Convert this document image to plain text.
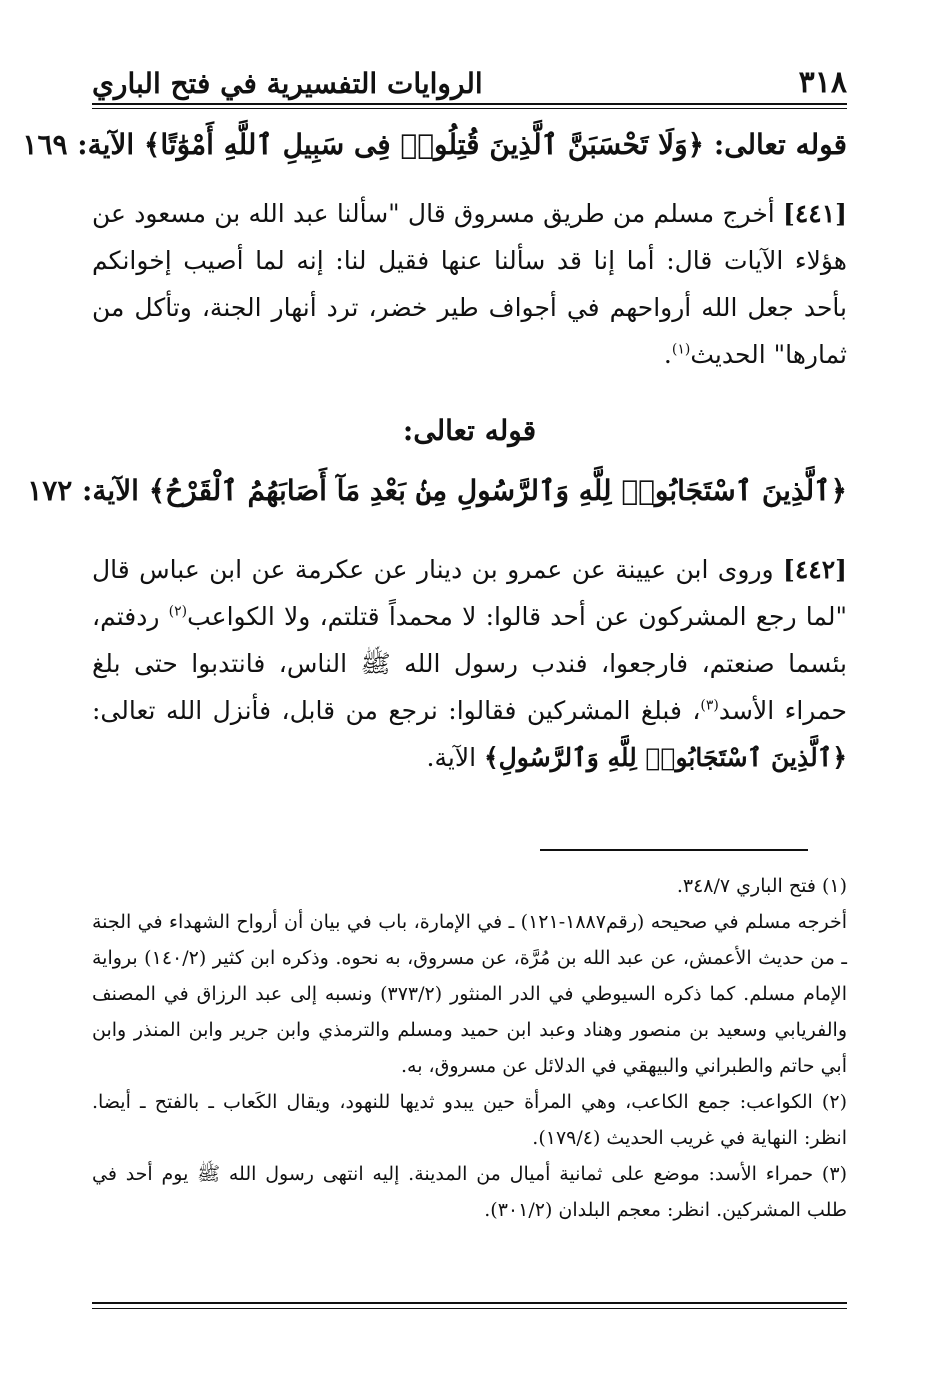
٣١٨
الروايات التفسيرية في فتح الباري
قوله تعالى: ﴿وَلَا تَحْسَبَنَّ ٱلَّذِينَ قُتِلُوا۟ فِى سَبِيلِ ٱللَّهِ أَمْوَٰتًا﴾ الآية: ١٦٩
[٤٤١] أخرج مسلم من طريق مسروق قال "سألنا عبد الله بن مسعود عن هؤلاء الآيات قال: أما إنا قد سألنا عنها فقيل لنا: إنه لما أصيب إخوانكم بأحد جعل الله أرواحهم في أجواف طير خضر، ترد أنهار الجنة، وتأكل من ثمارها" الحديث$^{(١)}$.
قوله تعالى:
﴿ٱلَّذِينَ ٱسْتَجَابُوا۟ لِلَّهِ وَٱلرَّسُولِ مِنۢ بَعْدِ مَآ أَصَابَهُمُ ٱلْقَرْحُ﴾ الآية: ١٧٢
[٤٤٢] وروى ابن عيينة عن عمرو بن دينار عن عكرمة عن ابن عباس قال "لما رجع المشركون عن أحد قالوا: لا محمداً قتلتم، ولا الكواعب$^{(٢)}$ ردفتم، بئسما صنعتم، فارجعوا، فندب رسول الله ﷺ الناس، فانتدبوا حتى بلغ حمراء الأسد$^{(٣)}$، فبلغ المشركين فقالوا: نرجع من قابل، فأنزل الله تعالى: ﴿ٱلَّذِينَ ٱسْتَجَابُوا۟ لِلَّهِ وَٱلرَّسُولِ﴾ الآية.

(١) فتح الباري ٣٤٨/٧.

أخرجه مسلم في صحيحه (رقم١٨٨٧-١٢١) ـ في الإمارة، باب في بيان أن أرواح الشهداء في الجنة ـ من حديث الأعمش، عن عبد الله بن مُرَّة، عن مسروق، به نحوه. وذكره ابن كثير (١٤٠/٢) برواية الإمام مسلم. كما ذكره السيوطي في الدر المنثور (٣٧٣/٢) ونسبه إلى عبد الرزاق في المصنف والفريابي وسعيد بن منصور وهناد وعبد ابن حميد ومسلم والترمذي وابن جرير وابن المنذر وابن أبي حاتم والطبراني والبيهقي في الدلائل عن مسروق، به.

(٢) الكواعب: جمع الكاعب، وهي المرأة حين يبدو ثديها للنهود، ويقال الكَعاب ـ بالفتح ـ أيضا. انظر: النهاية في غريب الحديث (١٧٩/٤).

(٣) حمراء الأسد: موضع على ثمانية أميال من المدينة. إليه انتهى رسول الله ﷺ يوم أحد في طلب المشركين. انظر: معجم البلدان (٣٠١/٢).
